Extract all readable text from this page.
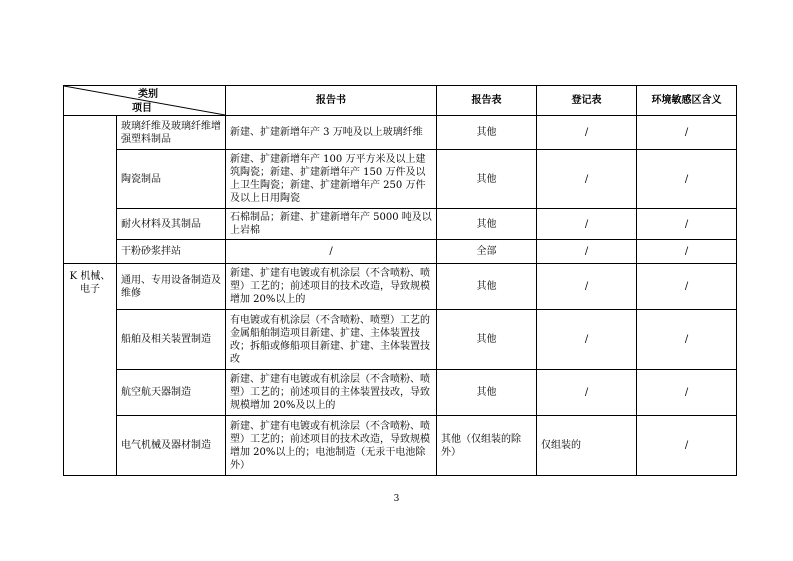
类别
项目		报告书	报告表	登记表	环境敏感区含义
	玻璃纤维及玻璃纤维增强塑料制品	新建、扩建新增年产 3 万吨及以上玻璃纤维	其他	/	/
	陶瓷制品	新建、扩建新增年产 100 万平方米及以上建筑陶瓷；新建、扩建新增年产 150 万件及以上卫生陶瓷；新建、扩建新增年产 250 万件及以上日用陶瓷	其他	/	/
	耐火材料及其制品	石棉制品；新建、扩建新增年产 5000 吨及以上岩棉	其他	/	/
	干粉砂浆拌站	/	全部	/	/
K 机械、电子	通用、专用设备制造及维修	新建、扩建有电镀或有机涂层（不含喷粉、喷塑）工艺的；前述项目的技术改造，导致规模增加 20%以上的	其他	/	/
	船舶及相关装置制造	有电镀或有机涂层（不含喷粉、喷塑）工艺的金属船舶制造项目新建、扩建、主体装置技改；拆船或修船项目新建、扩建、主体装置技改	其他	/	/
	航空航天器制造	新建、扩建有电镀或有机涂层（不含喷粉、喷塑）工艺的；前述项目的主体装置技改，导致规模增加 20%及以上的	其他	/	/
	电气机械及器材制造	新建、扩建有电镀或有机涂层（不含喷粉、喷塑）工艺的；前述项目的技术改造，导致规模增加 20%以上的；电池制造（无汞干电池除外）	其他（仅组装的除外）	仅组装的	/
3
